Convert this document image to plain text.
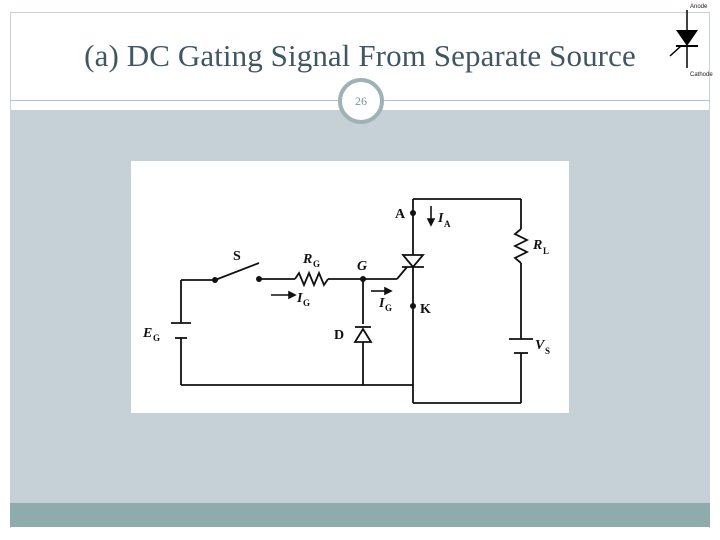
(a) DC Gating Signal From Separate Source
26
Anode
Cathode
S	R G	G
I G	I G
A I A
K
D
E G
R L
V S
